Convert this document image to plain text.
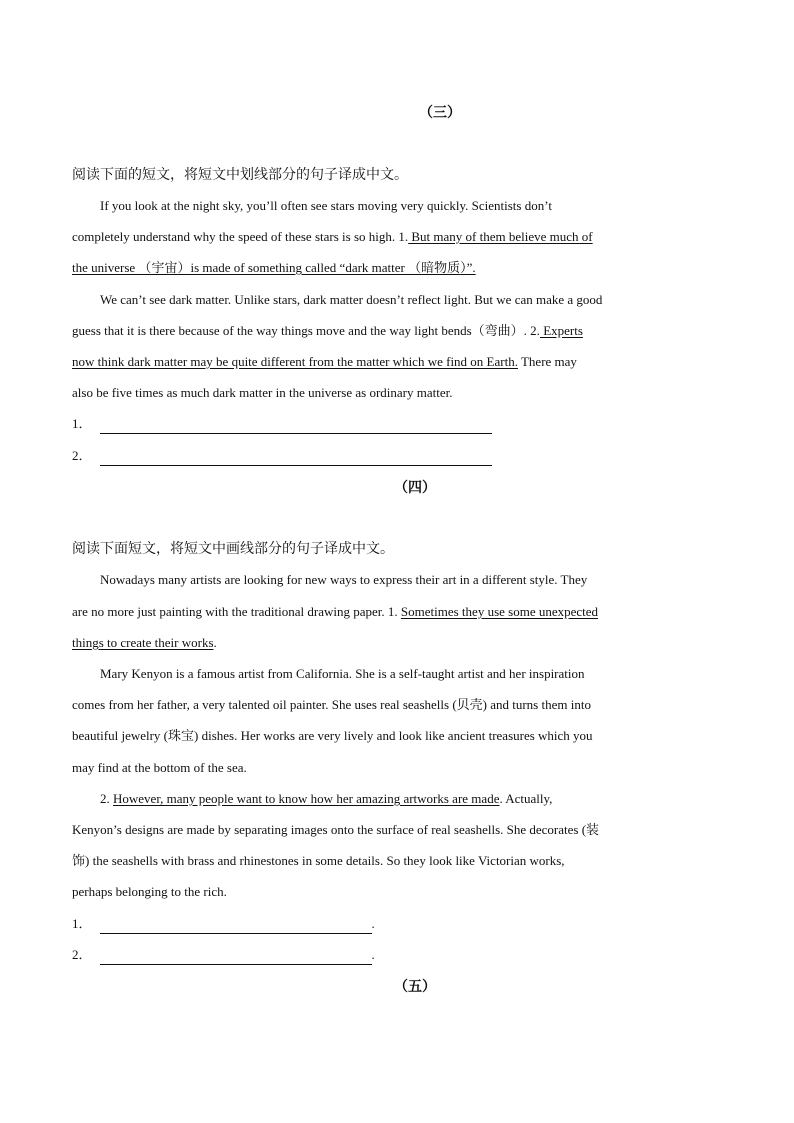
（三）
阅读下面的短文，将短文中划线部分的句子译成中文。
If you look at the night sky, you’ll often see stars moving very quickly. Scientists don’t
completely understand why the speed of these stars is so high. 1. But many of them believe much of
the universe （宇宙）is made of something called “dark matter （暗物质）”.
We can’t see dark matter. Unlike stars, dark matter doesn’t reflect light. But we can make a good
guess that it is there because of the way things move and the way light bends（弯曲）. 2. Experts
now think dark matter may be quite different from the matter which we find on Earth. There may
also be five times as much dark matter in the universe as ordinary matter.
1．
2．
（四）
阅读下面短文，将短文中画线部分的句子译成中文。
Nowadays many artists are looking for new ways to express their art in a different style. They
are no more just painting with the traditional drawing paper. 1. Sometimes they use some unexpected
things to create their works.
Mary Kenyon is a famous artist from California. She is a self-taught artist and her inspiration
comes from her father, a very talented oil painter. She uses real seashells (贝壳) and turns them into
beautiful jewelry (珠宝) dishes. Her works are very lively and look like ancient treasures which you
may find at the bottom of the sea.
2. However, many people want to know how her amazing artworks are made. Actually,
Kenyon’s designs are made by separating images onto the surface of real seashells. She decorates (装
饰) the seashells with brass and rhinestones in some details. So they look like Victorian works,
perhaps belonging to the rich.
1．	.
2．	.
（五）
